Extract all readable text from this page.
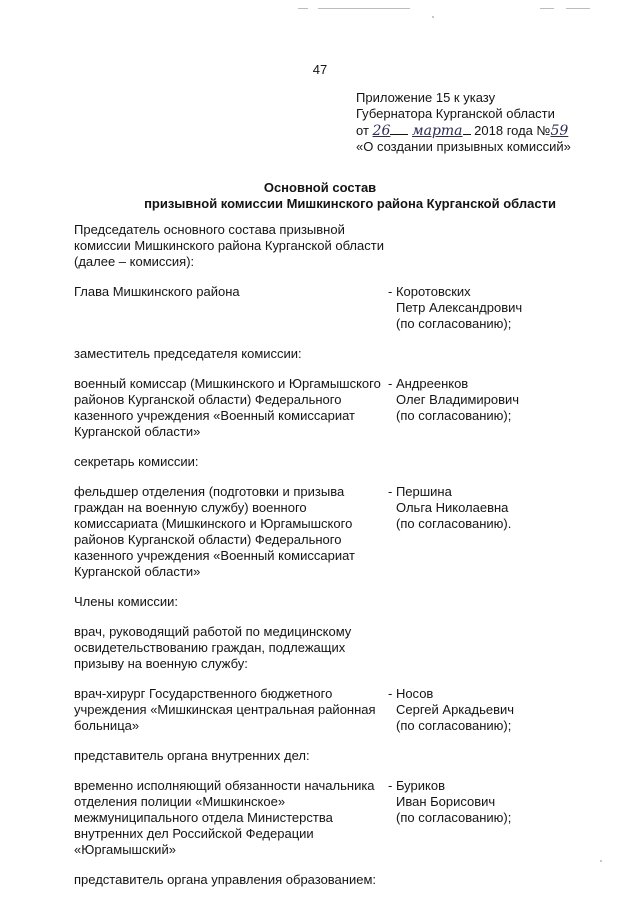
47
Приложение 15 к указу
Губернатора Курганской области
от 26 марта 2018 года №59
«О создании призывных комиссий»
Основной состав
призывной комиссии Мишкинского района Курганской области
Председатель основного состава призывной
комиссии Мишкинского района Курганской области
(далее – комиссия):
Глава Мишкинского района	- Коротовских
Петр Александрович
(по согласованию);
заместитель председателя комиссии:
военный комиссар (Мишкинского и Юргамышского
районов Курганской области) Федерального
казенного учреждения «Военный комиссариат
Курганской области»
- Андреенков
Олег Владимирович
(по согласованию);
секретарь комиссии:
фельдшер отделения (подготовки и призыва
граждан на военную службу) военного
комиссариата (Мишкинского и Юргамышского
районов Курганской области) Федерального
казенного учреждения «Военный комиссариат
Курганской области»
- Першина
Ольга Николаевна
(по согласованию).
Члены комиссии:
врач, руководящий работой по медицинскому
освидетельствованию граждан, подлежащих
призыву на военную службу:
врач-хирург Государственного бюджетного
учреждения «Мишкинская центральная районная
больница»
- Носов
Сергей Аркадьевич
(по согласованию);
представитель органа внутренних дел:
временно исполняющий обязанности начальника
отделения полиции «Мишкинское»
межмуниципального отдела Министерства
внутренних дел Российской Федерации
«Юргамышский»
- Буриков
Иван Борисович
(по согласованию);
представитель органа управления образованием:
